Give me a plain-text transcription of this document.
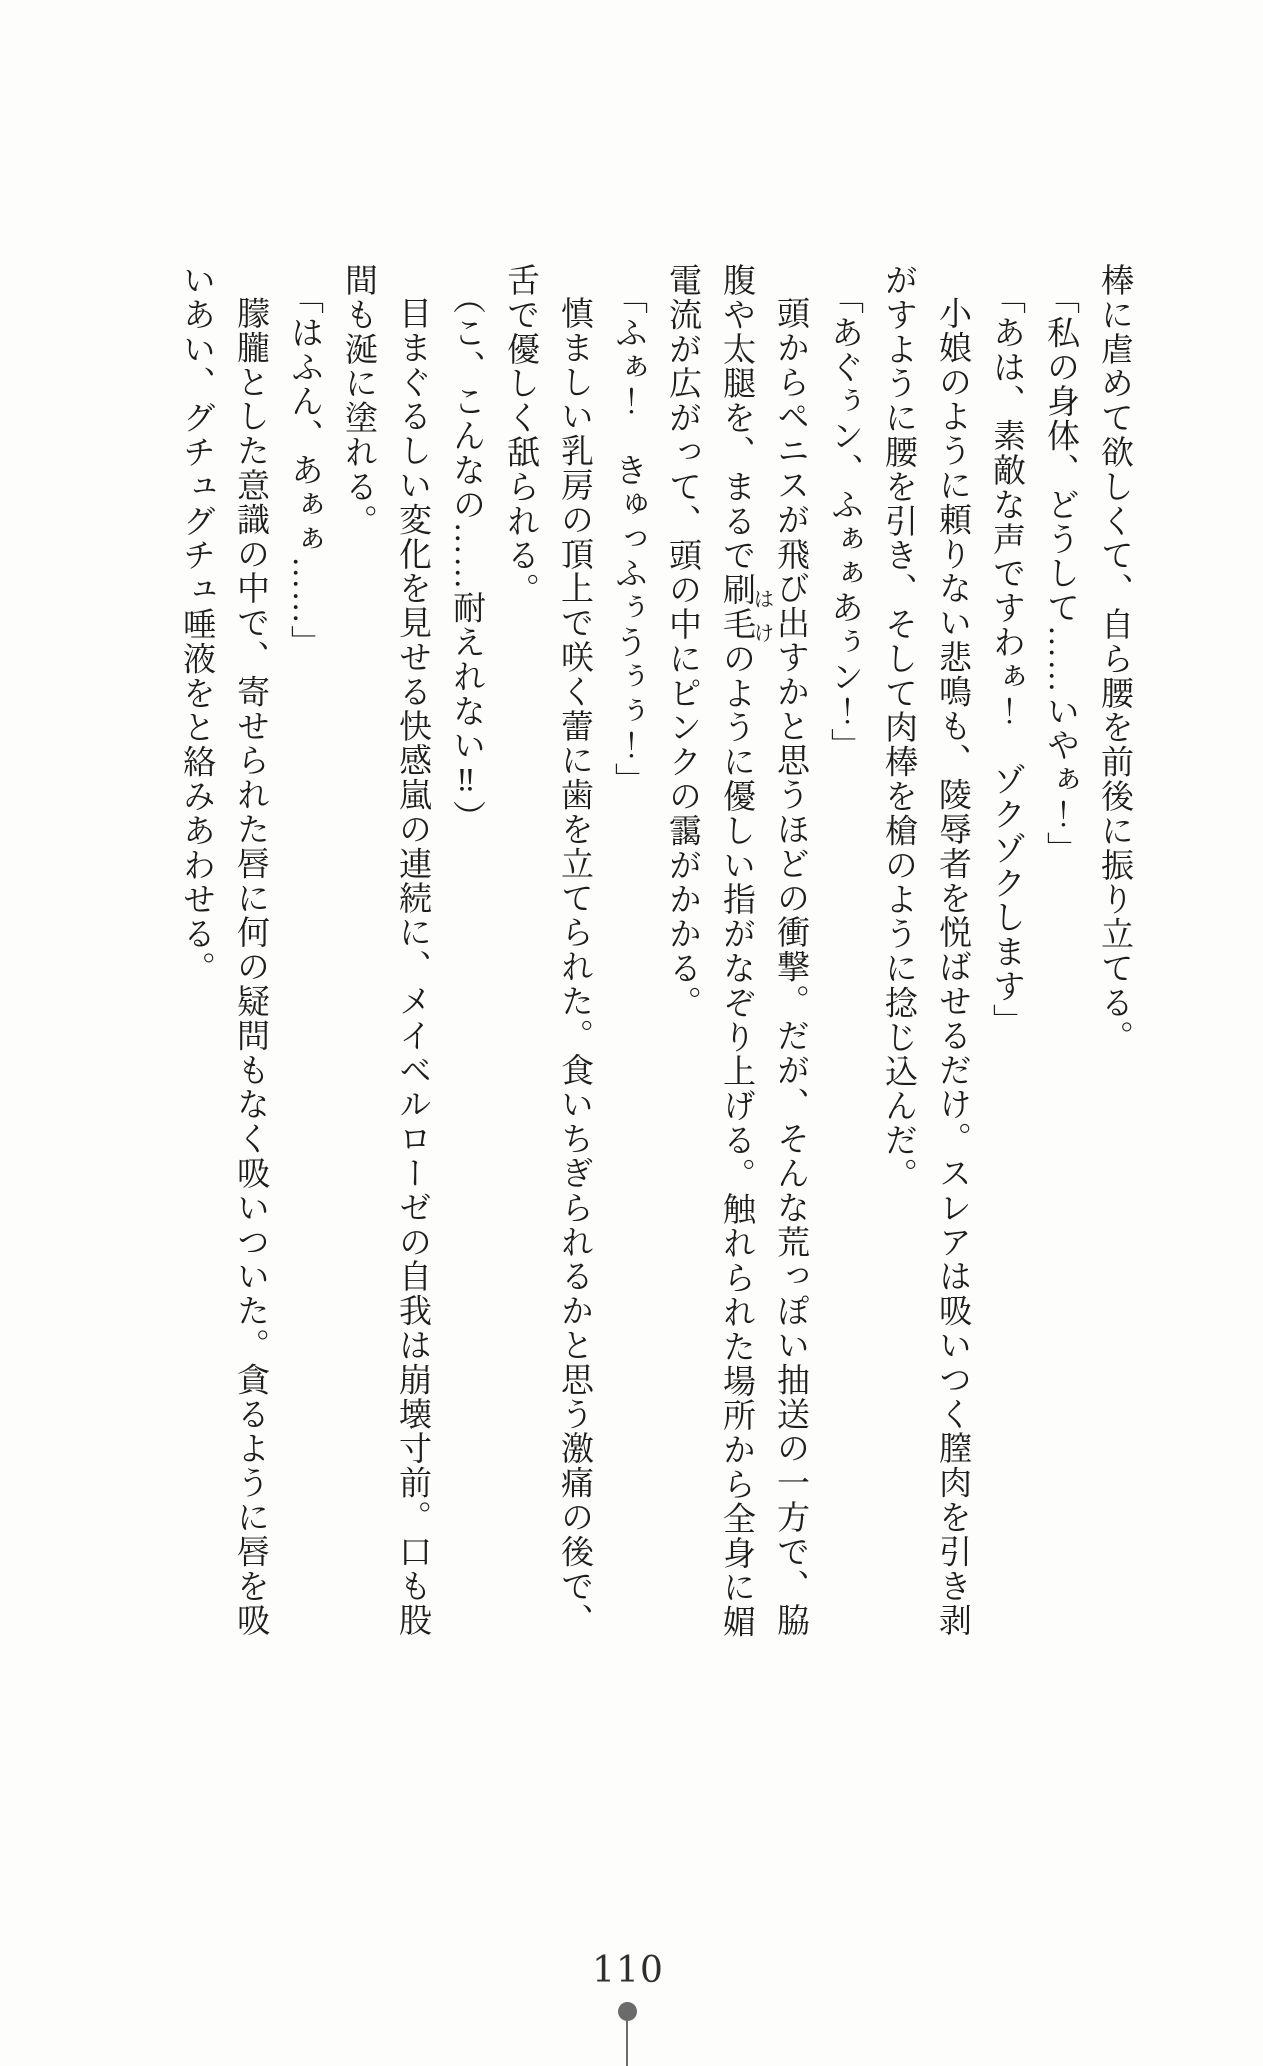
棒に虐めて欲しくて、自ら腰を前後に振り立てる。

「私の身体、どうして……いやぁ！」

「あは、素敵な声ですわぁ！　ゾクゾクします」

小娘のように頼りない悲鳴も、陵辱者を悦ばせるだけ。スレアは吸いつく膣肉を引き剥

がすように腰を引き、そして肉棒を槍のように捻じ込んだ。

「あぐぅン、ふぁぁあぅン！」

頭からペニスが飛び出すかと思うほどの衝撃。だが、そんな荒っぽい抽送の一方で、脇

腹や太腿を、まるで刷毛のように優しい指がなぞり上げる。触れられた場所から全身に媚

電流が広がって、頭の中にピンクの靄がかかる。

「ふぁ！　きゅっふぅうぅぅ！」

慎ましい乳房の頂上で咲く蕾に歯を立てられた。食いちぎられるかと思う激痛の後で、

舌で優しく舐られる。

（こ、こんなの……耐えれない‼）

目まぐるしい変化を見せる快感嵐の連続に、メイベルローゼの自我は崩壊寸前。口も股

間も涎に塗れる。

「はふん、あぁぁ……」

朦朧とした意識の中で、寄せられた唇に何の疑問もなく吸いついた。貪るように唇を吸

いあい、グチュグチュ唾液をと絡みあわせる。	はけ
110
